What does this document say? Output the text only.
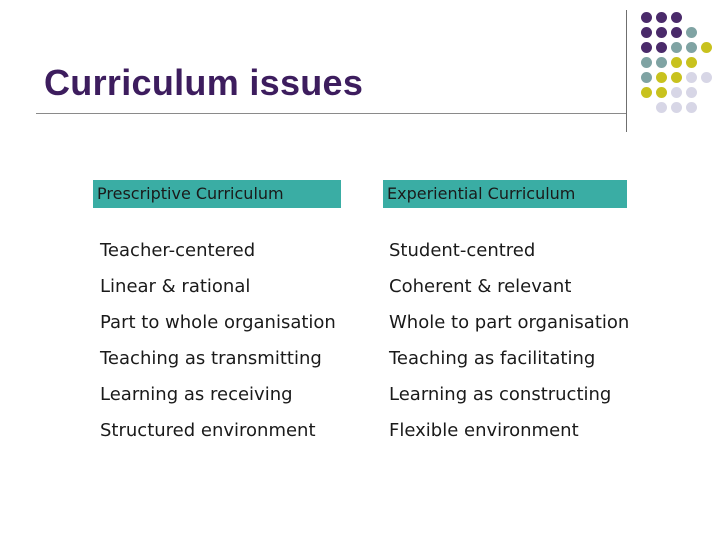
Curriculum issues
Prescriptive Curriculum	Experiential Curriculum
Teacher-centered	Student-centred
Linear & rational	Coherent & relevant
Part to whole organisation	Whole to part organisation
Teaching as transmitting	Teaching as facilitating
Learning as receiving	Learning as constructing
Structured environment	Flexible environment
